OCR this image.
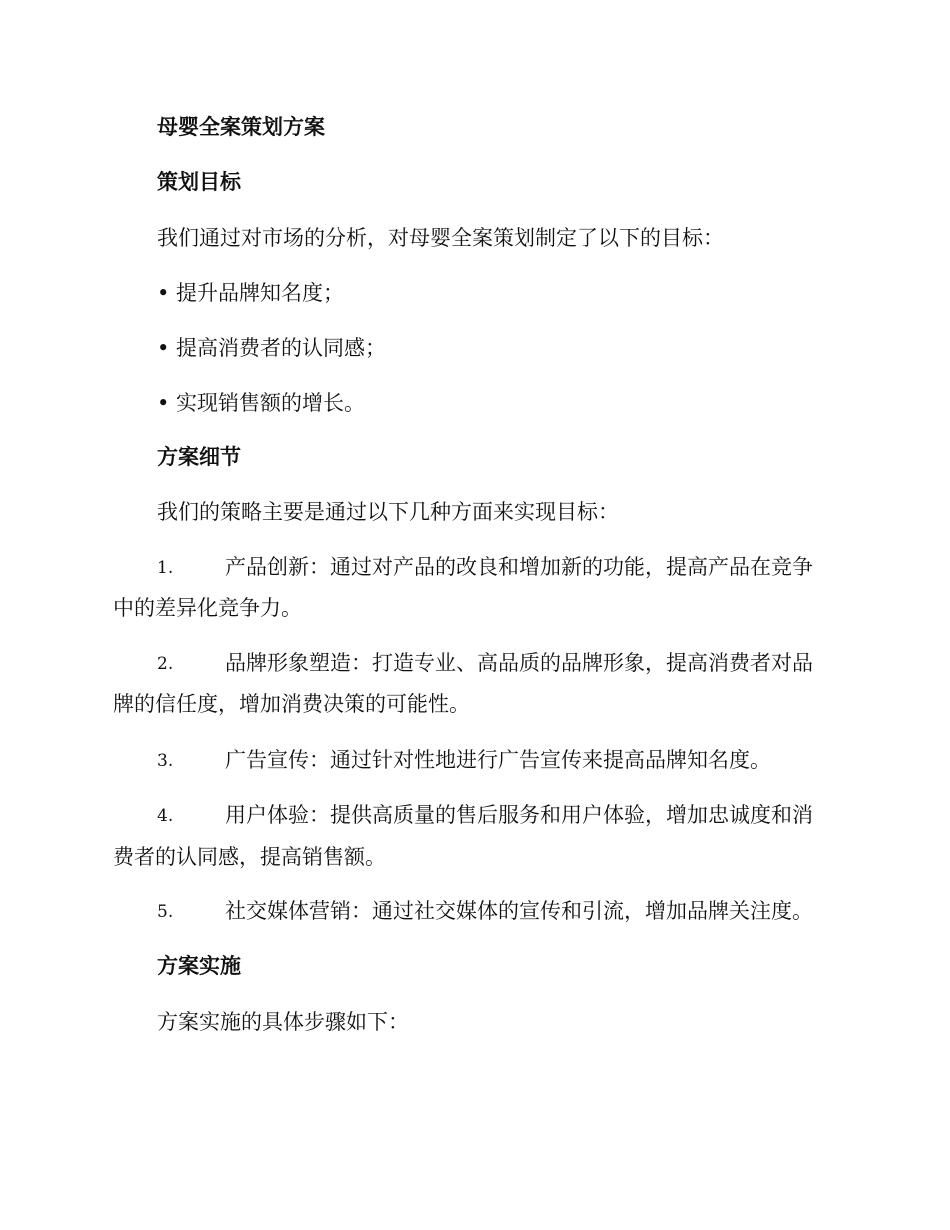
母婴全案策划方案
策划目标
我们通过对市场的分析，对母婴全案策划制定了以下的目标：
• 提升品牌知名度；
• 提高消费者的认同感；
• 实现销售额的增长。
方案细节
我们的策略主要是通过以下几种方面来实现目标：
1. 产品创新：通过对产品的改良和增加新的功能，提高产品在竞争
中的差异化竞争力。
2. 品牌形象塑造：打造专业、高品质的品牌形象，提高消费者对品
牌的信任度，增加消费决策的可能性。
3. 广告宣传：通过针对性地进行广告宣传来提高品牌知名度。
4. 用户体验：提供高质量的售后服务和用户体验，增加忠诚度和消
费者的认同感，提高销售额。
5. 社交媒体营销：通过社交媒体的宣传和引流，增加品牌关注度。
方案实施
方案实施的具体步骤如下：
